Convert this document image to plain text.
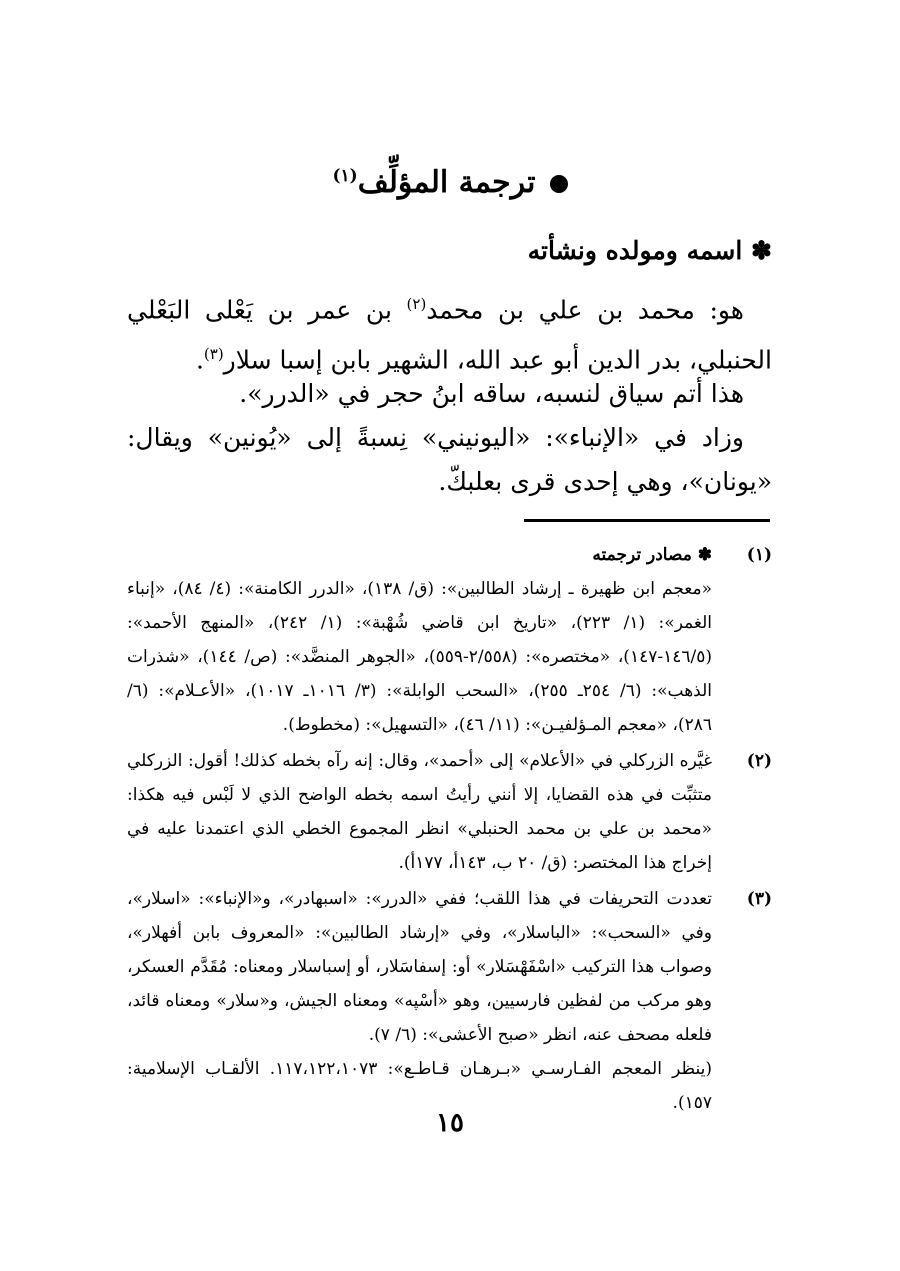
ترجمة المؤلِّف$^{(١)}$
✽ اسمه ومولده ونشأته
هو: محمد بن علي بن محمد$^{(٢)}$ بن عمر بن يَعْلى البَعْلي الحنبلي، بدر الدين أبو عبد الله، الشهير بابن إسبا سلار$^{(٣)}$.
هذا أتم سياق لنسبه، ساقه ابنُ حجر في «الدرر».
وزاد في «الإنباء»: «اليونيني» نِسبةً إلى «يُونين» ويقال: «يونان»، وهي إحدى قرى بعلبكّ.
(١)

✽ مصادر ترجمته

«معجم ابن ظهيرة ـ إرشاد الطالبين»: (ق/ ١٣٨)، «الدرر الكامنة»: (٤/ ٨٤)، «إنباء الغمر»: (١/ ٢٢٣)، «تاريخ ابن قاضي شُهْبة»: (١/ ٢٤٢)، «المنهج الأحمد»: (١٤٦/٥-١٤٧)، «مختصره»: (٢/٥٥٨-٥٥٩)، «الجوهر المنضَّد»: (ص/ ١٤٤)، «شذرات الذهب»: (٦/ ٢٥٤ـ ٢٥٥)، «السحب الوابلة»: (٣/ ١٠١٦ـ ١٠١٧)، «الأعـلام»: (٦/ ٢٨٦)، «معجم المـؤلفيـن»: (١١/ ٤٦)، «التسهيل»: (مخطوط).

(٢)

غيَّره الزركلي في «الأعلام» إلى «أحمد»، وقال: إنه رآه بخطه كذلك! أقول: الزركلي متثبِّت في هذه القضايا، إلا أنني رأيتُ اسمه بخطه الواضح الذي لا لَبْس فيه هكذا: «محمد بن علي بن محمد الحنبلي» انظر المجموع الخطي الذي اعتمدنا عليه في إخراج هذا المختصر: (ق/ ٢٠ ب، ١٤٣أ، ١٧٧أ).

(٣)

تعددت التحريفات في هذا اللقب؛ ففي «الدرر»: «اسبهادر»، و«الإنباء»: «اسلار»، وفي «السحب»: «الباسلار»، وفي «إرشاد الطالبين»: «المعروف بابن أفهلار»، وصواب هذا التركيب «اسْفَهْسَلار» أو: إسفاسَلار، أو إسباسلار ومعناه: مُقَدَّم العسكر، وهو مركب من لفظين فارسيين، وهو «أسْپه» ومعناه الجيش، و«سلار» ومعناه قائد، فلعله مصحف عنه، انظر «صبح الأعشى»: (٦/ ٧).

(ينظر المعجم الفـارسـي «بـرهـان قـاطـع»: ١١٧،١٢٢،١٠٧٣. الألقـاب الإسلامية: ١٥٧).

١٥
